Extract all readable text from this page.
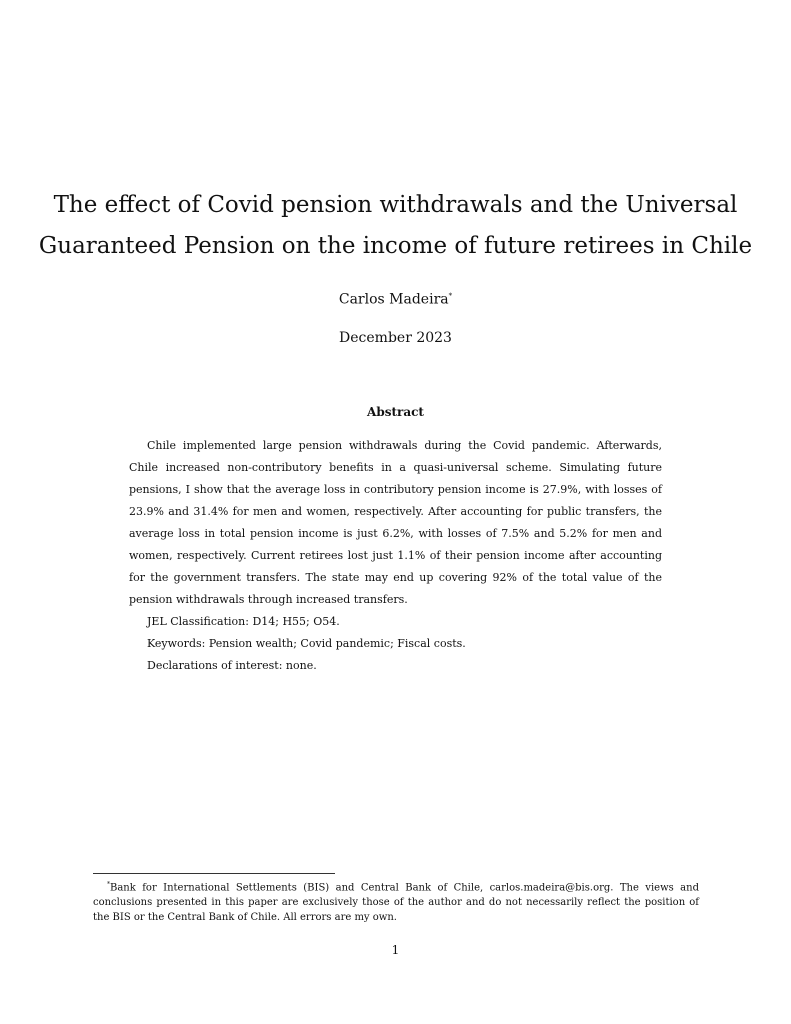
The effect of Covid pension withdrawals and the Universal
Guaranteed Pension on the income of future retirees in Chile
Carlos Madeira*
December 2023
Abstract

Chile implemented large pension withdrawals during the Covid pandemic. Afterwards, Chile increased non-contributory benefits in a quasi-universal scheme. Simulating future pensions, I show that the average loss in contributory pension income is 27.9%, with losses of 23.9% and 31.4% for men and women, respectively. After accounting for public transfers, the average loss in total pension income is just 6.2%, with losses of 7.5% and 5.2% for men and women, respectively. Current retirees lost just 1.1% of their pension income after accounting for the government transfers. The state may end up covering 92% of the total value of the pension withdrawals through increased transfers.

JEL Classification: D14; H55; O54.

Keywords: Pension wealth; Covid pandemic; Fiscal costs.

Declarations of interest: none.

*Bank for International Settlements (BIS) and Central Bank of Chile, carlos.madeira@bis.org. The views and conclusions presented in this paper are exclusively those of the author and do not necessarily reflect the position of the BIS or the Central Bank of Chile. All errors are my own.

1
